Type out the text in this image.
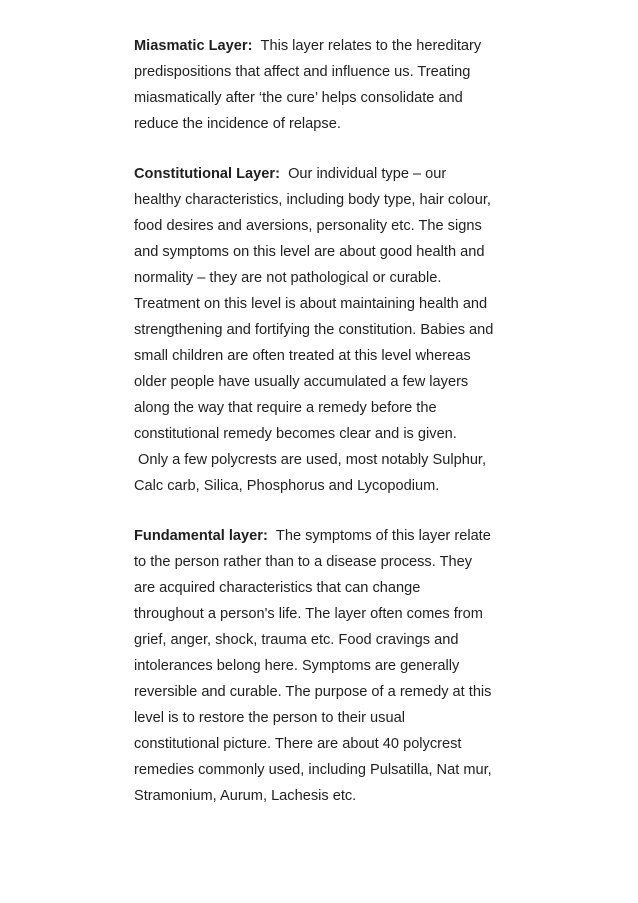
Miasmatic Layer: This layer relates to the hereditary
predispositions that affect and influence us. Treating
miasmatically after ‘the cure’ helps consolidate and
reduce the incidence of relapse.
Constitutional Layer: Our individual type – our
healthy characteristics, including body type, hair colour,
food desires and aversions, personality etc. The signs
and symptoms on this level are about good health and
normality – they are not pathological or curable.
Treatment on this level is about maintaining health and
strengthening and fortifying the constitution. Babies and
small children are often treated at this level whereas
older people have usually accumulated a few layers
along the way that require a remedy before the
constitutional remedy becomes clear and is given.
Only a few polycrests are used, most notably Sulphur,
Calc carb, Silica, Phosphorus and Lycopodium.
Fundamental layer: The symptoms of this layer relate
to the person rather than to a disease process. They
are acquired characteristics that can change
throughout a person's life. The layer often comes from
grief, anger, shock, trauma etc. Food cravings and
intolerances belong here. Symptoms are generally
reversible and curable. The purpose of a remedy at this
level is to restore the person to their usual
constitutional picture. There are about 40 polycrest
remedies commonly used, including Pulsatilla, Nat mur,
Stramonium, Aurum, Lachesis etc.
